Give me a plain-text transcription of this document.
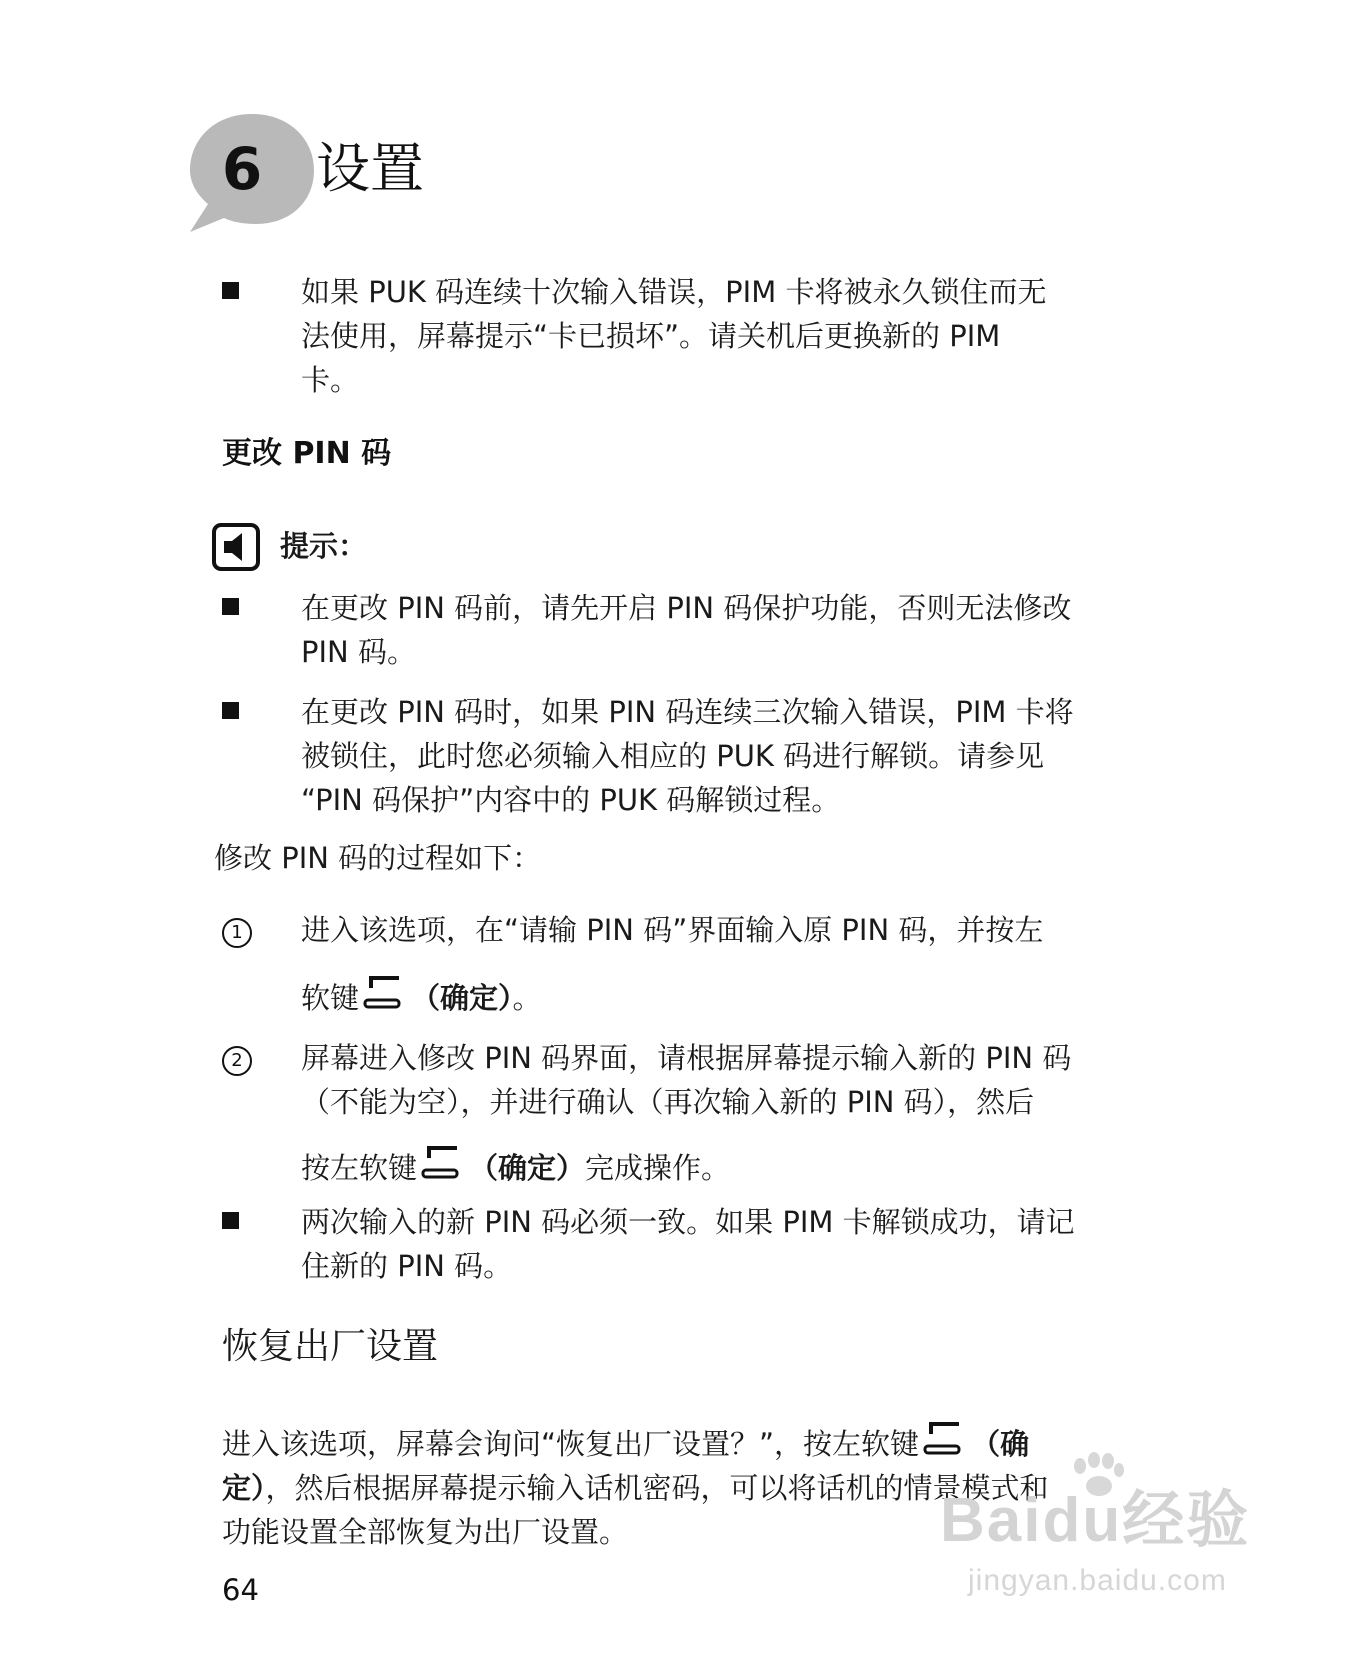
6 设置
如果 PUK 码连续十次输入错误，PIM 卡将被永久锁住而无
法使用，屏幕提示“卡已损坏”。请关机后更换新的 PIM
卡。
更改 PIN 码
提示：
在更改 PIN 码前，请先开启 PIN 码保护功能，否则无法修改
PIN 码。
在更改 PIN 码时，如果 PIN 码连续三次输入错误，PIM 卡将
被锁住，此时您必须输入相应的 PUK 码进行解锁。请参见
“PIN 码保护”内容中的 PUK 码解锁过程。
修改 PIN 码的过程如下：
1	进入该选项，在“请输 PIN 码”界面输入原 PIN 码，并按左
软键 （确定）。
2	屏幕进入修改 PIN 码界面，请根据屏幕提示输入新的 PIN 码
（不能为空），并进行确认（再次输入新的 PIN 码），然后
按左软键 （确定）完成操作。
两次输入的新 PIN 码必须一致。如果 PIM 卡解锁成功，请记
住新的 PIN 码。
恢复出厂设置
进入该选项，屏幕会询问“恢复出厂设置？”，按左软键 （确
定），然后根据屏幕提示输入话机密码，可以将话机的情景模式和
功能设置全部恢复为出厂设置。
64
Baidu经验
jingyan.baidu.com
